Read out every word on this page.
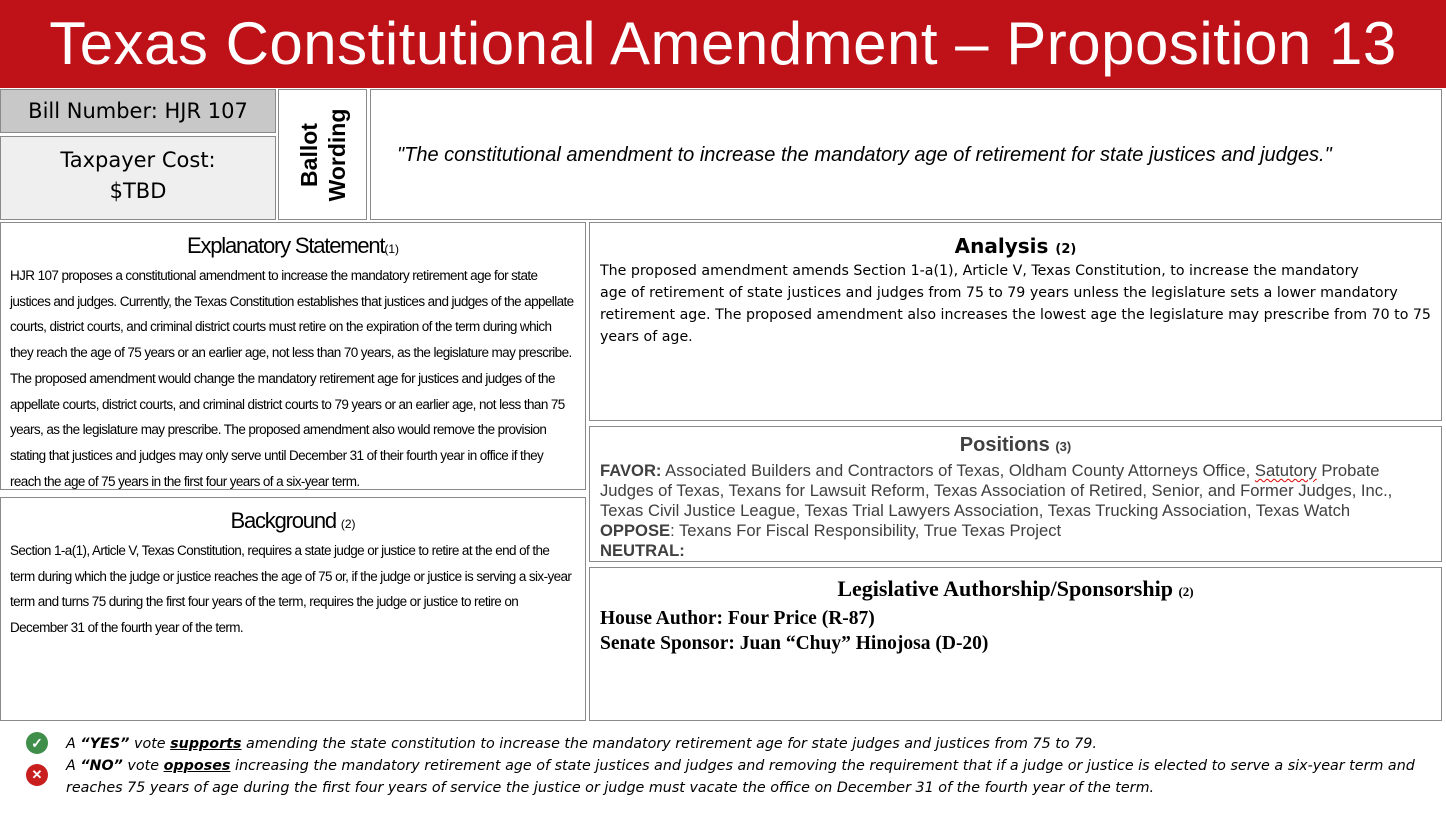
Texas Constitutional Amendment – Proposition 13
Bill Number: HJR 107
Taxpayer Cost:
$TBD
Ballot Wording	"The constitutional amendment to increase the mandatory age of retirement for state justices and judges."
Explanatory Statement(1)
HJR 107 proposes a constitutional amendment to increase the mandatory retirement age for state justices and judges. Currently, the Texas Constitution establishes that justices and judges of the appellate courts, district courts, and criminal district courts must retire on the expiration of the term during which they reach the age of 75 years or an earlier age, not less than 70 years, as the legislature may prescribe. The proposed amendment would change the mandatory retirement age for justices and judges of the appellate courts, district courts, and criminal district courts to 79 years or an earlier age, not less than 75 years, as the legislature may prescribe. The proposed amendment also would remove the provision stating that justices and judges may only serve until December 31 of their fourth year in office if they reach the age of 75 years in the first four years of a six-year term.
Background (2)
Section 1-a(1), Article V, Texas Constitution, requires a state judge or justice to retire at the end of the term during which the judge or justice reaches the age of 75 or, if the judge or justice is serving a six-year term and turns 75 during the first four years of the term, requires the judge or justice to retire on December 31 of the fourth year of the term.
Analysis (2)
The proposed amendment amends Section 1-a(1), Article V, Texas Constitution, to increase the mandatory
age of retirement of state justices and judges from 75 to 79 years unless the legislature sets a lower mandatory retirement age. The proposed amendment also increases the lowest age the legislature may prescribe from 70 to 75 years of age.
Positions (3)
FAVOR: Associated Builders and Contractors of Texas, Oldham County Attorneys Office, Satutory Probate Judges of Texas, Texans for Lawsuit Reform, Texas Association of Retired, Senior, and Former Judges, Inc., Texas Civil Justice League, Texas Trial Lawyers Association, Texas Trucking Association, Texas Watch
OPPOSE: Texans For Fiscal Responsibility, True Texas Project
NEUTRAL:
Legislative Authorship/Sponsorship (2)
House Author: Four Price (R-87)
Senate Sponsor: Juan “Chuy” Hinojosa (D-20)
✓	A “YES” vote supports amending the state constitution to increase the mandatory retirement age for state judges and justices from 75 to 79.
✕
A “NO” vote opposes increasing the mandatory retirement age of state justices and judges and removing the requirement that if a judge or justice is elected to serve a six-year term and reaches 75 years of age during the first four years of service the justice or judge must vacate the office on December 31 of the fourth year of the term.
